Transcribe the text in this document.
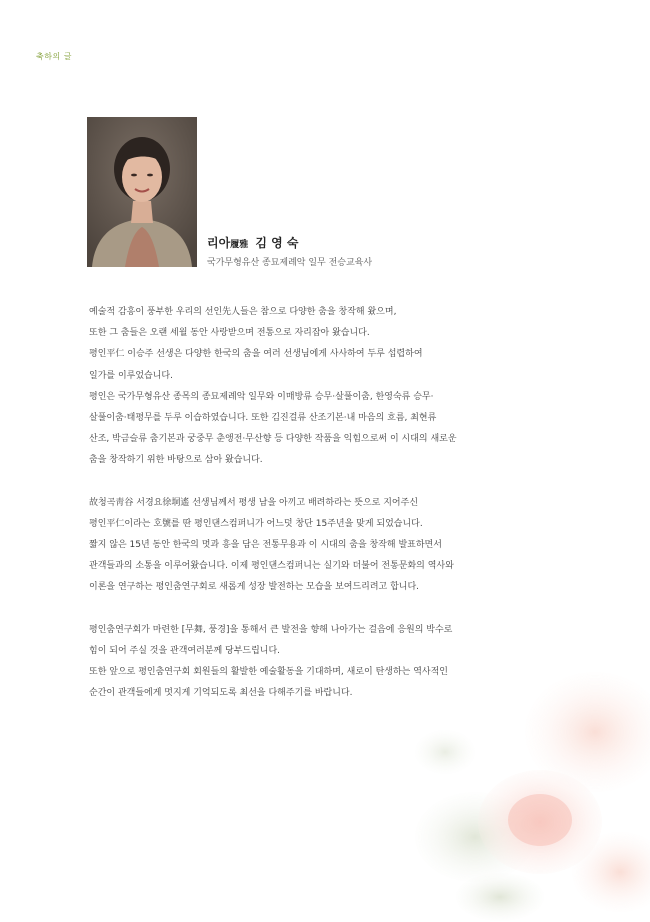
축하의 글
리아履雅 김 영 숙
국가무형유산 종묘제례악 일무 전승교육사
예술적 감흥이 풍부한 우리의 선인先人들은 참으로 다양한 춤을 창작해 왔으며,
또한 그 춤들은 오랜 세월 동안 사랑받으며 전통으로 자리잡아 왔습니다.
평인平仁 이승주 선생은 다양한 한국의 춤을 여러 선생님에게 사사하여 두루 섭렵하여
일가를 이루었습니다.
평인은 국가무형유산 종목의 종묘제례악 일무와 이매방류 승무·살풀이춤, 한영숙류 승무·
살풀이춤·태평무를 두루 이습하였습니다. 또한 김진걸류 산조기본·내 마음의 흐름, 최현류
산조, 박금슬류 춤기본과 궁중무 춘앵전·무산향 등 다양한 작품을 익힘으로써 이 시대의 새로운
춤을 창작하기 위한 바탕으로 삼아 왔습니다.
故청곡靑谷 서경요徐垌遙 선생님께서 평생 남을 아끼고 배려하라는 뜻으로 지어주신
평인平仁이라는 호號를 딴 평인댄스컴퍼니가 어느덧 창단 15주년을 맞게 되었습니다.
짧지 않은 15년 동안 한국의 멋과 흥을 담은 전통무용과 이 시대의 춤을 창작해 발표하면서
관객들과의 소통을 이루어왔습니다. 이제 평인댄스컴퍼니는 실기와 더불어 전통문화의 역사와
이론을 연구하는 평인춤연구회로 새롭게 성장 발전하는 모습을 보여드리려고 합니다.
평인춤연구회가 마련한 [무舞, 풍경]을 통해서 큰 발전을 향해 나아가는 걸음에 응원의 박수로
힘이 되어 주실 것을 관객여러분께 당부드립니다.
또한 앞으로 평인춤연구회 회원들의 활발한 예술활동을 기대하며, 새로이 탄생하는 역사적인
순간이 관객들에게 멋지게 기억되도록 최선을 다해주기를 바랍니다.
